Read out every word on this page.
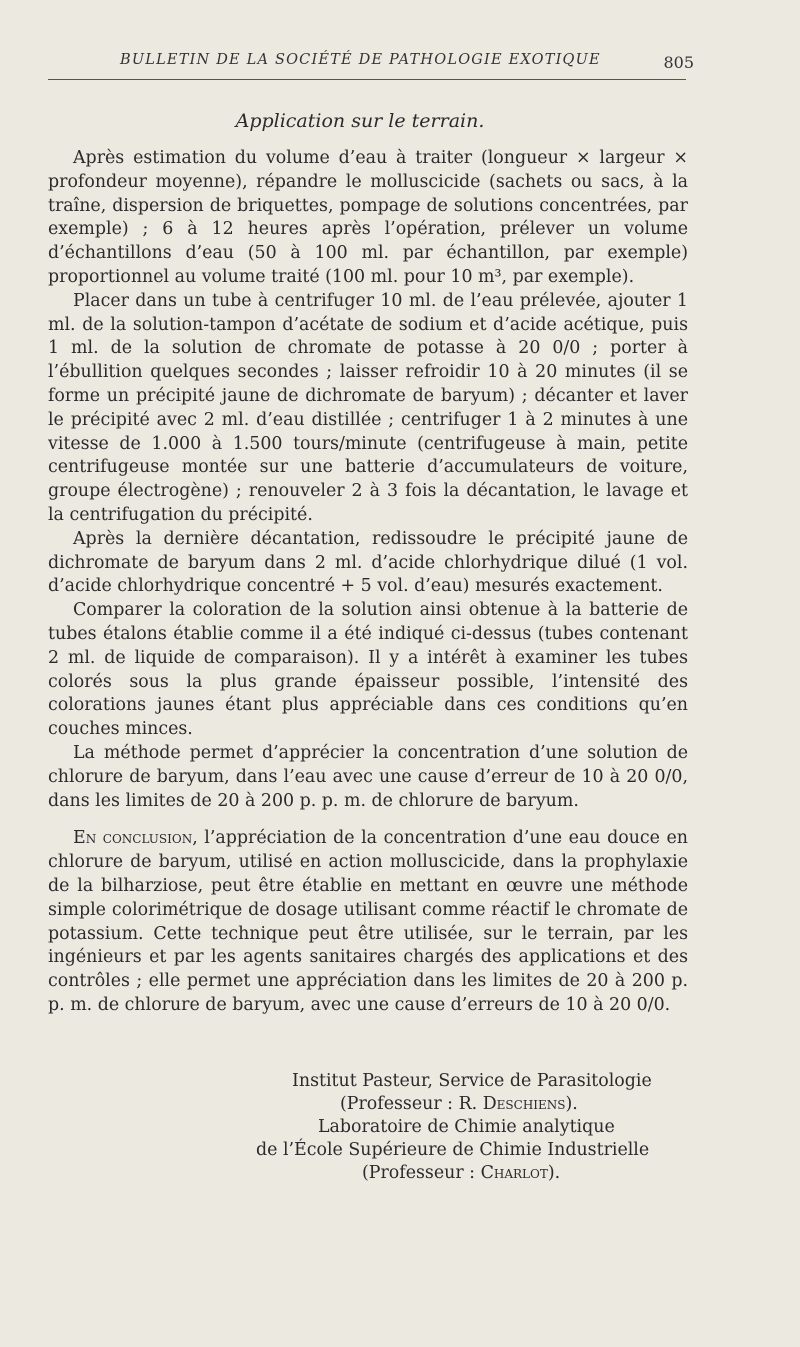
BULLETIN DE LA SOCIÉTÉ DE PATHOLOGIE EXOTIQUE	805
Application sur le terrain.

Après estimation du volume d’eau à traiter (longueur × largeur × profondeur moyenne), répandre le molluscicide (sachets ou sacs, à la traîne, dispersion de briquettes, pompage de solutions concentrées, par exemple) ; 6 à 12 heures après l’opération, prélever un volume d’échantillons d’eau (50 à 100 ml. par échantillon, par exemple) proportionnel au volume traité (100 ml. pour 10 m³, par exemple).

Placer dans un tube à centrifuger 10 ml. de l’eau prélevée, ajouter 1 ml. de la solution-tampon d’acétate de sodium et d’acide acétique, puis 1 ml. de la solution de chromate de potasse à 20 0/0 ; porter à l’ébullition quelques secondes ; laisser refroidir 10 à 20 minutes (il se forme un précipité jaune de dichromate de baryum) ; décanter et laver le précipité avec 2 ml. d’eau distillée ; centrifuger 1 à 2 minutes à une vitesse de 1.000 à 1.500 tours/minute (centrifugeuse à main, petite centrifugeuse montée sur une batterie d’accumulateurs de voiture, groupe électrogène) ; renouveler 2 à 3 fois la décantation, le lavage et la centrifugation du précipité.

Après la dernière décantation, redissoudre le précipité jaune de dichromate de baryum dans 2 ml. d’acide chlorhydrique dilué (1 vol. d’acide chlorhydrique concentré + 5 vol. d’eau) mesurés exactement.

Comparer la coloration de la solution ainsi obtenue à la batterie de tubes étalons établie comme il a été indiqué ci-dessus (tubes contenant 2 ml. de liquide de comparaison). Il y a intérêt à examiner les tubes colorés sous la plus grande épaisseur possible, l’intensité des colorations jaunes étant plus appréciable dans ces conditions qu’en couches minces.

La méthode permet d’apprécier la concentration d’une solution de chlorure de baryum, dans l’eau avec une cause d’erreur de 10 à 20 0/0, dans les limites de 20 à 200 p. p. m. de chlorure de baryum.

En conclusion, l’appréciation de la concentration d’une eau douce en chlorure de baryum, utilisé en action molluscicide, dans la prophylaxie de la bilharziose, peut être établie en mettant en œuvre une méthode simple colorimétrique de dosage utilisant comme réactif le chromate de potassium. Cette technique peut être utilisée, sur le terrain, par les ingénieurs et par les agents sanitaires chargés des applications et des contrôles ; elle permet une appréciation dans les limites de 20 à 200 p. p. m. de chlorure de baryum, avec une cause d’erreurs de 10 à 20 0/0.

Institut Pasteur, Service de Parasitologie
(Professeur : R. Deschiens).
Laboratoire de Chimie analytique
de l’École Supérieure de Chimie Industrielle
(Professeur : Charlot).
